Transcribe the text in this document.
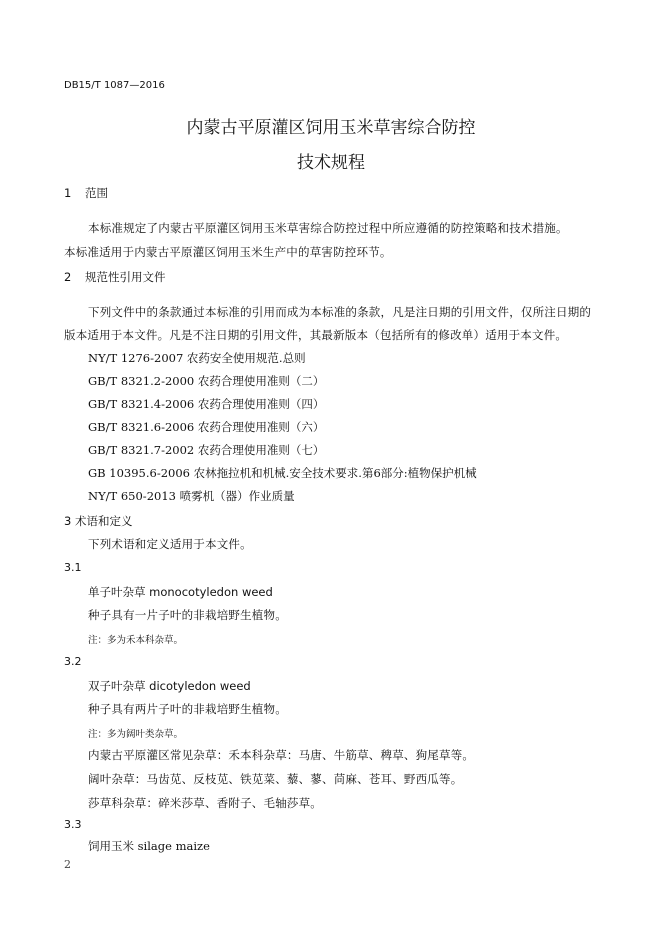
DB15/T 1087—2016
内蒙古平原灌区饲用玉米草害综合防控
技术规程
1 范围
本标准规定了内蒙古平原灌区饲用玉米草害综合防控过程中所应遵循的防控策略和技术措施。
本标准适用于内蒙古平原灌区饲用玉米生产中的草害防控环节。
2 规范性引用文件
下列文件中的条款通过本标准的引用而成为本标准的条款，凡是注日期的引用文件，仅所注日期的
版本适用于本文件。凡是不注日期的引用文件，其最新版本（包括所有的修改单）适用于本文件。
NY/T 1276-2007 农药安全使用规范.总则
GB/T 8321.2-2000 农药合理使用准则（二）
GB/T 8321.4-2006 农药合理使用准则（四）
GB/T 8321.6-2006 农药合理使用准则（六）
GB/T 8321.7-2002 农药合理使用准则（七）
GB 10395.6-2006 农林拖拉机和机械.安全技术要求.第6部分:植物保护机械
NY/T 650-2013 喷雾机（器）作业质量
3 术语和定义
下列术语和定义适用于本文件。
3.1
单子叶杂草 monocotyledon weed
种子具有一片子叶的非栽培野生植物。
注：多为禾本科杂草。
3.2
双子叶杂草 dicotyledon weed
种子具有两片子叶的非栽培野生植物。
注：多为阔叶类杂草。
内蒙古平原灌区常见杂草：禾本科杂草：马唐、牛筋草、稗草、狗尾草等。
阔叶杂草：马齿苋、反枝苋、铁苋菜、藜、蓼、苘麻、苍耳、野西瓜等。
莎草科杂草：碎米莎草、香附子、毛轴莎草。
3.3
饲用玉米 silage maize
2
